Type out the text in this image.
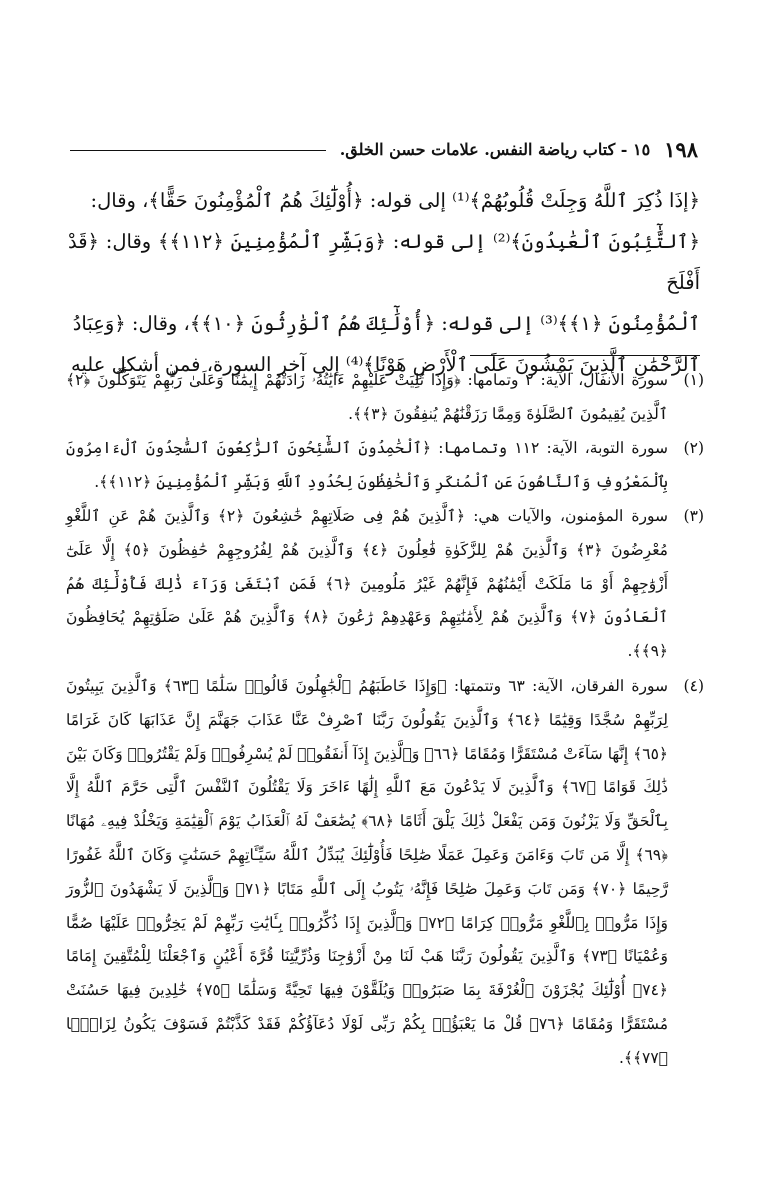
١٩٨
١٥ - كتاب رياضة النفس. علامات حسن الخلق.

﴿إذَا ذُكِرَ ٱللَّهُ وَجِلَتْ قُلُوبُهُمْ﴾⁽¹⁾ إلى قوله: ﴿أُوْلَٰٓئِكَ هُمُ ٱلْمُؤْمِنُونَ حَقًّا﴾، وقال:

﴿ٱلتَّٰٓئِبُونَ ٱلْعَٰبِدُونَ﴾⁽²⁾ إلى قوله: ﴿وَبَشِّرِ ٱلْمُؤْمِنِينَ ﴿١١٢﴾﴾ وقال: ﴿قَدْ أَفْلَحَ

ٱلْمُؤْمِنُونَ ﴿١﴾﴾⁽³⁾ إلى قوله: ﴿أُوْلَٰٓئِكَ هُمُ ٱلْوَٰرِثُونَ ﴿١٠﴾﴾، وقال: ﴿وَعِبَادُ

ٱلرَّحْمَٰنِ ٱلَّذِينَ يَمْشُونَ عَلَى ٱلْأَرْضِ هَوْنًا﴾⁽⁴⁾ إلى آخر السورة، فمن أشكل عليه

(١)
سورة الأنفال، الآية: ٢ وتمامها: ﴿وَإِذَا تُلِيَتْ عَلَيْهِمْ ءَايَٰتُهُۥ زَادَتْهُمْ إِيمَٰنًا وَعَلَىٰ رَبِّهِمْ يَتَوَكَّلُونَ ﴿٢﴾ ٱلَّذِينَ يُقِيمُونَ ٱلصَّلَوٰةَ وَمِمَّا رَزَقْنَٰهُمْ يُنفِقُونَ ﴿٣﴾﴾.
(٢)
سورة التوبة، الآية: ١١٢ وتمامها: ﴿ٱلْحَٰمِدُونَ ٱلسَّٰٓئِحُونَ ٱلرَّٰكِعُونَ ٱلسَّٰجِدُونَ ٱلْءَامِرُونَ بِٱلْمَعْرُوفِ وَٱلنَّاهُونَ عَنِ ٱلْمُنكَرِ وَٱلْحَٰفِظُونَ لِحُدُودِ ٱللَّهِ وَبَشِّرِ ٱلْمُؤْمِنِينَ ﴿١١٢﴾﴾.
(٣)
سورة المؤمنون، والآيات هي: ﴿ٱلَّذِينَ هُمْ فِى صَلَاتِهِمْ خَٰشِعُونَ ﴿٢﴾ وَٱلَّذِينَ هُمْ عَنِ ٱللَّغْوِ مُعْرِضُونَ ﴿٣﴾ وَٱلَّذِينَ هُمْ لِلزَّكَوٰةِ فَٰعِلُونَ ﴿٤﴾ وَٱلَّذِينَ هُمْ لِفُرُوجِهِمْ حَٰفِظُونَ ﴿٥﴾ إِلَّا عَلَىٰٓ أَزْوَٰجِهِمْ أَوْ مَا مَلَكَتْ أَيْمَٰنُهُمْ فَإِنَّهُمْ غَيْرُ مَلُومِينَ ﴿٦﴾ فَمَنِ ٱبْتَغَىٰ وَرَآءَ ذَٰلِكَ فَأُوْلَٰٓئِكَ هُمُ ٱلْعَادُونَ ﴿٧﴾ وَٱلَّذِينَ هُمْ لِأَمَٰنَٰتِهِمْ وَعَهْدِهِمْ رَٰعُونَ ﴿٨﴾ وَٱلَّذِينَ هُمْ عَلَىٰ صَلَوَٰتِهِمْ يُحَافِظُونَ ﴿٩﴾﴾.
(٤)
سورة الفرقان، الآية: ٦٣ وتتمتها: ﴿وَإِذَا خَاطَبَهُمُ ٱلْجَٰهِلُونَ قَالُوا۟ سَلَٰمًا ﴿٦٣﴾ وَٱلَّذِينَ يَبِيتُونَ لِرَبِّهِمْ سُجَّدًا وَقِيَٰمًا ﴿٦٤﴾ وَٱلَّذِينَ يَقُولُونَ رَبَّنَا ٱصْرِفْ عَنَّا عَذَابَ جَهَنَّمَ إِنَّ عَذَابَهَا كَانَ غَرَامًا ﴿٦٥﴾ إِنَّهَا سَآءَتْ مُسْتَقَرًّا وَمُقَامًا ﴿٦٦﴾ وَٱلَّذِينَ إِذَآ أَنفَقُوا۟ لَمْ يُسْرِفُوا۟ وَلَمْ يَقْتُرُوا۟ وَكَانَ بَيْنَ ذَٰلِكَ قَوَامًا ﴿٦٧﴾ وَٱلَّذِينَ لَا يَدْعُونَ مَعَ ٱللَّهِ إِلَٰهًا ءَاخَرَ وَلَا يَقْتُلُونَ ٱلنَّفْسَ ٱلَّتِى حَرَّمَ ٱللَّهُ إِلَّا بِٱلْحَقِّ وَلَا يَزْنُونَ وَمَن يَفْعَلْ ذَٰلِكَ يَلْقَ أَثَامًا ﴿٦٨﴾ يُضَٰعَفْ لَهُ ٱلْعَذَابُ يَوْمَ ٱلْقِيَٰمَةِ وَيَخْلُدْ فِيهِۦ مُهَانًا ﴿٦٩﴾ إِلَّا مَن تَابَ وَءَامَنَ وَعَمِلَ عَمَلًا صَٰلِحًا فَأُوْلَٰٓئِكَ يُبَدِّلُ ٱللَّهُ سَيِّـَٔاتِهِمْ حَسَنَٰتٍ وَكَانَ ٱللَّهُ غَفُورًا رَّحِيمًا ﴿٧٠﴾ وَمَن تَابَ وَعَمِلَ صَٰلِحًا فَإِنَّهُۥ يَتُوبُ إِلَى ٱللَّهِ مَتَابًا ﴿٧١﴾ وَٱلَّذِينَ لَا يَشْهَدُونَ ٱلزُّورَ وَإِذَا مَرُّوا۟ بِٱللَّغْوِ مَرُّوا۟ كِرَامًا ﴿٧٢﴾ وَٱلَّذِينَ إِذَا ذُكِّرُوا۟ بِـَٔايَٰتِ رَبِّهِمْ لَمْ يَخِرُّوا۟ عَلَيْهَا صُمًّا وَعُمْيَانًا ﴿٧٣﴾ وَٱلَّذِينَ يَقُولُونَ رَبَّنَا هَبْ لَنَا مِنْ أَزْوَٰجِنَا وَذُرِّيَّٰتِنَا قُرَّةَ أَعْيُنٍ وَٱجْعَلْنَا لِلْمُتَّقِينَ إِمَامًا ﴿٧٤﴾ أُوْلَٰٓئِكَ يُجْزَوْنَ ٱلْغُرْفَةَ بِمَا صَبَرُوا۟ وَيُلَقَّوْنَ فِيهَا تَحِيَّةً وَسَلَٰمًا ﴿٧٥﴾ خَٰلِدِينَ فِيهَا حَسُنَتْ مُسْتَقَرًّا وَمُقَامًا ﴿٧٦﴾ قُلْ مَا يَعْبَؤُا۟ بِكُمْ رَبِّى لَوْلَا دُعَآؤُكُمْ فَقَدْ كَذَّبْتُمْ فَسَوْفَ يَكُونُ لِزَامًۢا ﴿٧٧﴾﴾.
